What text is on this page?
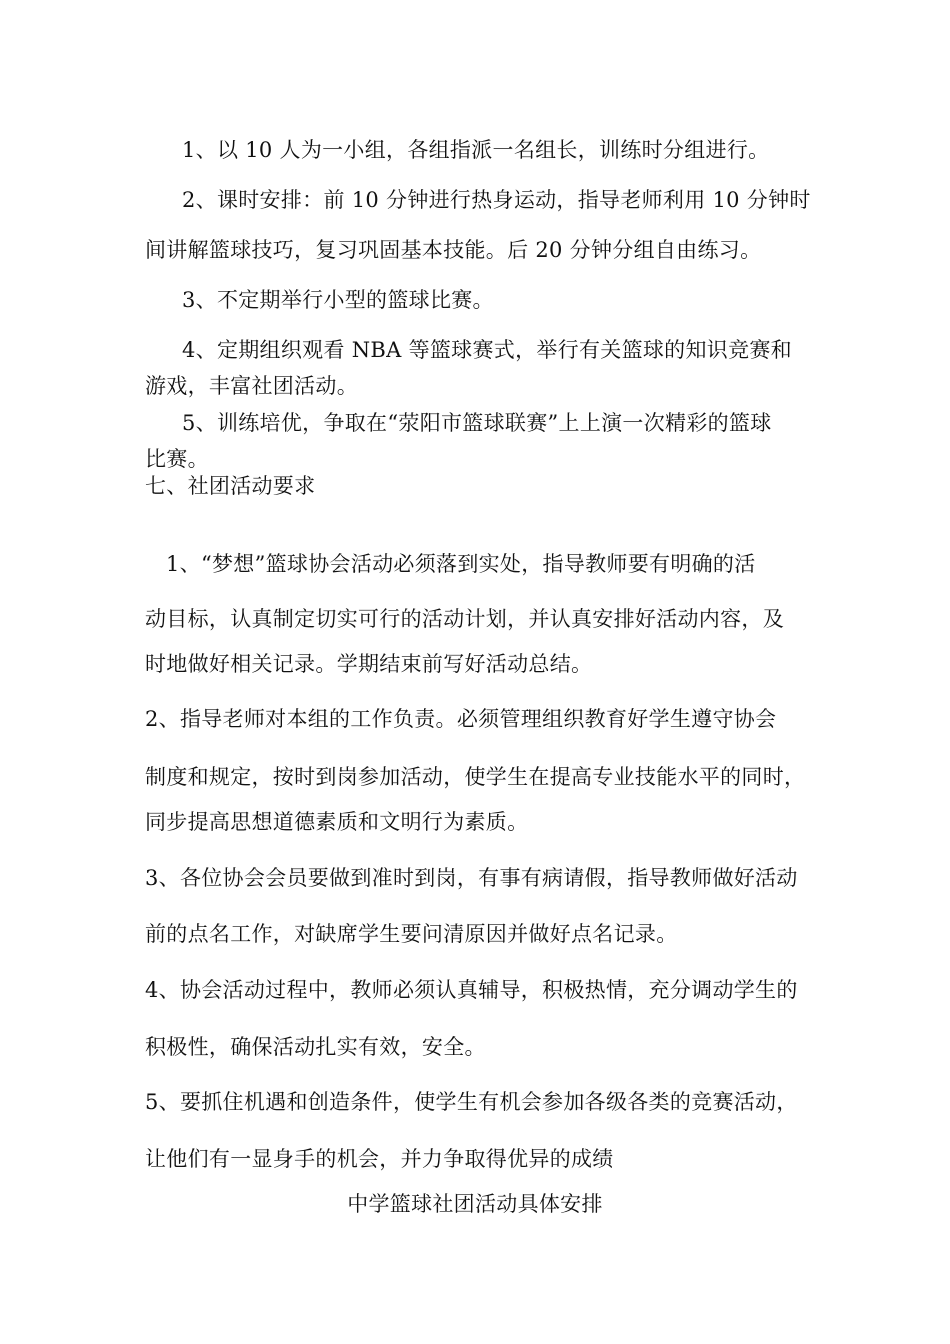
1、以 10 人为一小组，各组指派一名组长，训练时分组进行。
2、课时安排：前 10 分钟进行热身运动，指导老师利用 10 分钟时
间讲解篮球技巧，复习巩固基本技能。后 20 分钟分组自由练习。
3、不定期举行小型的篮球比赛。
4、定期组织观看 NBA 等篮球赛式，举行有关篮球的知识竞赛和
游戏，丰富社团活动。
5、训练培优，争取在“荥阳市篮球联赛”上上演一次精彩的篮球
比赛。
七、社团活动要求
1、“梦想”篮球协会活动必须落到实处，指导教师要有明确的活
动目标，认真制定切实可行的活动计划，并认真安排好活动内容，及
时地做好相关记录。学期结束前写好活动总结。
2、指导老师对本组的工作负责。必须管理组织教育好学生遵守协会
制度和规定，按时到岗参加活动，使学生在提高专业技能水平的同时，
同步提高思想道德素质和文明行为素质。
3、各位协会会员要做到准时到岗，有事有病请假，指导教师做好活动
前的点名工作，对缺席学生要问清原因并做好点名记录。
4、协会活动过程中，教师必须认真辅导，积极热情，充分调动学生的
积极性，确保活动扎实有效，安全。
5、要抓住机遇和创造条件，使学生有机会参加各级各类的竞赛活动，
让他们有一显身手的机会，并力争取得优异的成绩
中学篮球社团活动具体安排
